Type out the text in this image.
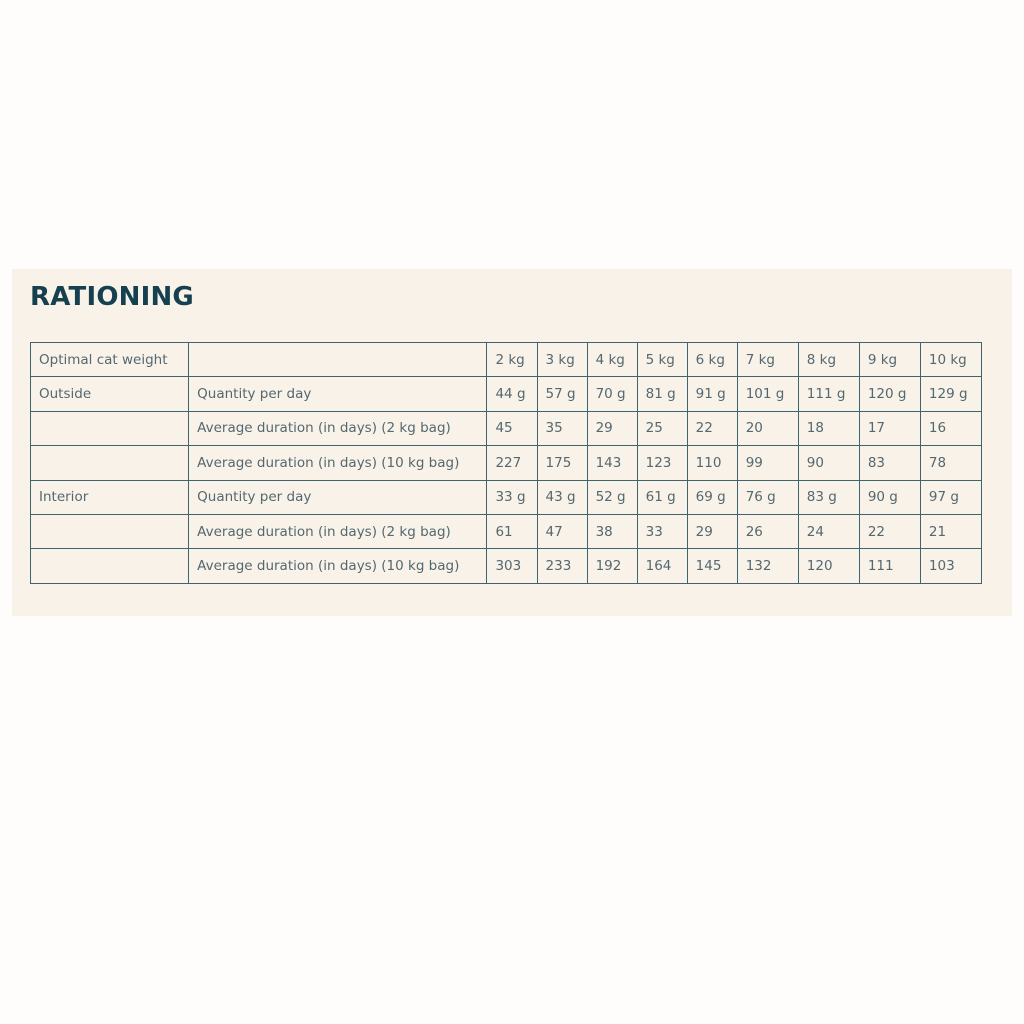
RATIONING
Optimal cat weight		2 kg	3 kg	4 kg	5 kg	6 kg	7 kg	8 kg	9 kg	10 kg
Outside	Quantity per day	44 g	57 g	70 g	81 g	91 g	101 g	111 g	120 g	129 g
	Average duration (in days) (2 kg bag)	45	35	29	25	22	20	18	17	16
	Average duration (in days) (10 kg bag)	227	175	143	123	110	99	90	83	78
Interior	Quantity per day	33 g	43 g	52 g	61 g	69 g	76 g	83 g	90 g	97 g
	Average duration (in days) (2 kg bag)	61	47	38	33	29	26	24	22	21
	Average duration (in days) (10 kg bag)	303	233	192	164	145	132	120	111	103
